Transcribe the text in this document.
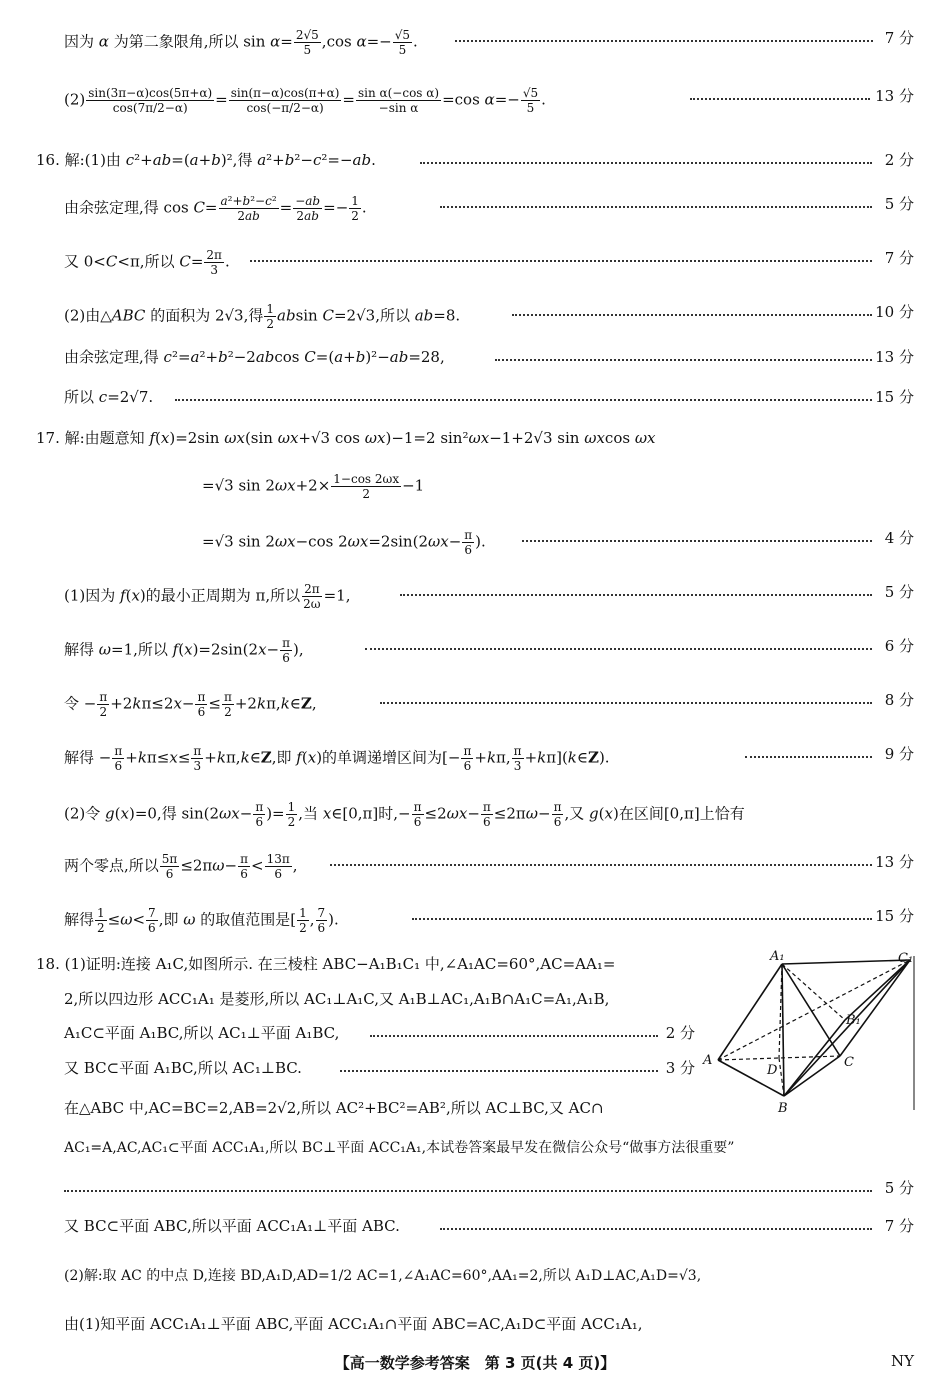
因为 α 为第二象限角,所以 $\sin \alpha= \frac{2√5}{5} ,\cos$ $\alpha=- \frac{√5}{5}$ .	7 分
$(2) \frac{\sin(3\pi-\alpha)\cos(5\pi+\alpha)}{\cos(7\pi/2-\alpha)} = \frac{\sin(\pi-\alpha)\cos(\pi+\alpha)}{\cos(-\pi/2-\alpha)} = \frac{\text{sin α(−cos α)}}{\text{−sin α}} =\cos$ $\alpha=- \frac{√5}{5}$ .	13 分
16. 解:(1)由 c²+ab=(a+b)²,得 a²+b²−c²=−ab.	2 分
由余弦定理,得 $\cos C= \frac{\text{a²+b²−c²}}{2ab} = \frac{-ab}{2ab} =- \frac{1}{2}$ .	5 分
又 0<C<π,所以 $C= \frac{2\pi}{3}$ .	7 分
(2)由△ABC 的面积为 2√3,得 $\frac{1}{2}$ absin C=2√3,所以 ab=8.	10 分
由余弦定理,得 c²=a²+b²−2abcos C=(a+b)²−ab=28,	13 分
所以 c=2√7.	15 分
17. 解:由题意知 f(x)=2sin ωx(sin ωx+√3 cos ωx)−1=2 sin²ωx−1+2√3 sin ωxcos ωx
=√3 $\sin 2\omega x+2\times \frac{1-\cos 2\omega x}{2} -1$
=√3 sin 2ωx−cos $2\omega x=2\sin(2\omega x- \frac{\pi}{6}$ ).	4 分
(1)因为 f(x)的最小正周期为 π,所以 $\frac{2\pi}{2\omega} =1$,	5 分
解得 ω=1,所以 $f(x)=2\sin(2x- \frac{\pi}{6}$ ),	6 分
令 − $\frac{\pi}{2} +2k\pi\le 2x- \frac{\pi}{6} \le \frac{\pi}{2}$ +2kπ,k∈Z,	8 分
解得 − $\frac{\pi}{6} +k\pi\le x\le \frac{\pi}{3}$ +kπ,k∈Z,即 f(x)的单调递增区间为[− $\frac{\pi}{6} +k\pi$, $\frac{\pi}{3}$ +kπ](k∈Z).	9 分
(2)令 g(x)=0,得 $\sin(2\omega x- \frac{\pi}{6}$ )= $\frac{1}{2}$ ,当 x∈[0,π]时,− $\frac{\pi}{6} \le 2\omega x- \frac{\pi}{6} \le 2\pi\omega- \frac{\pi}{6}$ ,又 g(x)在区间[0,π]上恰有
两个零点,所以 $\frac{5\pi}{6} \le 2\pi\omega- \frac{\pi}{6} < \frac{13\pi}{6}$ ,	13 分
解得 $\frac{1}{2} \le\omega< \frac{7}{6}$ ,即 ω 的取值范围是[ $\frac{1}{2}$ , $\frac{7}{6}$ ).	15 分
18. (1)证明:连接 A₁C,如图所示. 在三棱柱 ABC−A₁B₁C₁ 中,∠A₁AC=60°,AC=AA₁=
2,所以四边形 ACC₁A₁ 是菱形,所以 AC₁⊥A₁C,又 A₁B⊥AC₁,A₁B∩A₁C=A₁,A₁B,
A₁C⊂平面 A₁BC,所以 AC₁⊥平面 A₁BC,	2 分
又 BC⊂平面 A₁BC,所以 AC₁⊥BC.	3 分
在△ABC 中,AC=BC=2,AB=2√2,所以 AC²+BC²=AB²,所以 AC⊥BC,又 AC∩
AC₁=A,AC,AC₁⊂平面 ACC₁A₁,所以 BC⊥平面 ACC₁A₁,本试卷答案最早发在微信公众号“做事方法很重要”
5 分
又 BC⊂平面 ABC,所以平面 ACC₁A₁⊥平面 ABC.	7 分
(2)解:取 AC 的中点 D,连接 BD,A₁D,AD=1/2 AC=1,∠A₁AC=60°,AA₁=2,所以 A₁D⊥AC,A₁D=√3,
由(1)知平面 ACC₁A₁⊥平面 ABC,平面 ACC₁A₁∩平面 ABC=AC,A₁D⊂平面 ACC₁A₁,
A₁	C₁
B₁
A
D
C
B
【高一数学参考答案　第 3 页(共 4 页)】	NY
